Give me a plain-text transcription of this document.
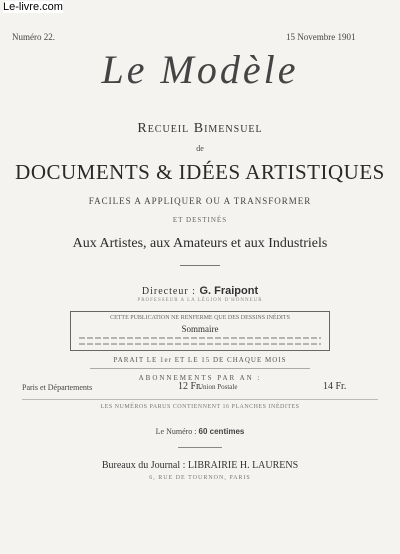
Le-livre.com
Numéro 22.	15 Novembre 1901
Le Modèle
Recueil Bimensuel
de
DOCUMENTS & IDÉES ARTISTIQUES
FACILES A APPLIQUER OU A TRANSFORMER
ET DESTINÉS
Aux Artistes, aux Amateurs et aux Industriels
Directeur : G. Fraipont
PROFESSEUR A LA LÉGION D'HONNEUR
CETTE PUBLICATION NE RENFERME QUE DES DESSINS INÉDITS
Sommaire
PARAIT LE 1er ET LE 15 DE CHAQUE MOIS
ABONNEMENTS PAR AN :
Paris et Départements	12 Fr.
Union Postale	14 Fr.
LES NUMÉROS PARUS CONTIENNENT 16 PLANCHES INÉDITES
Le Numéro : 60 centimes
Bureaux du Journal : LIBRAIRIE H. LAURENS
6, RUE DE TOURNON, PARIS
